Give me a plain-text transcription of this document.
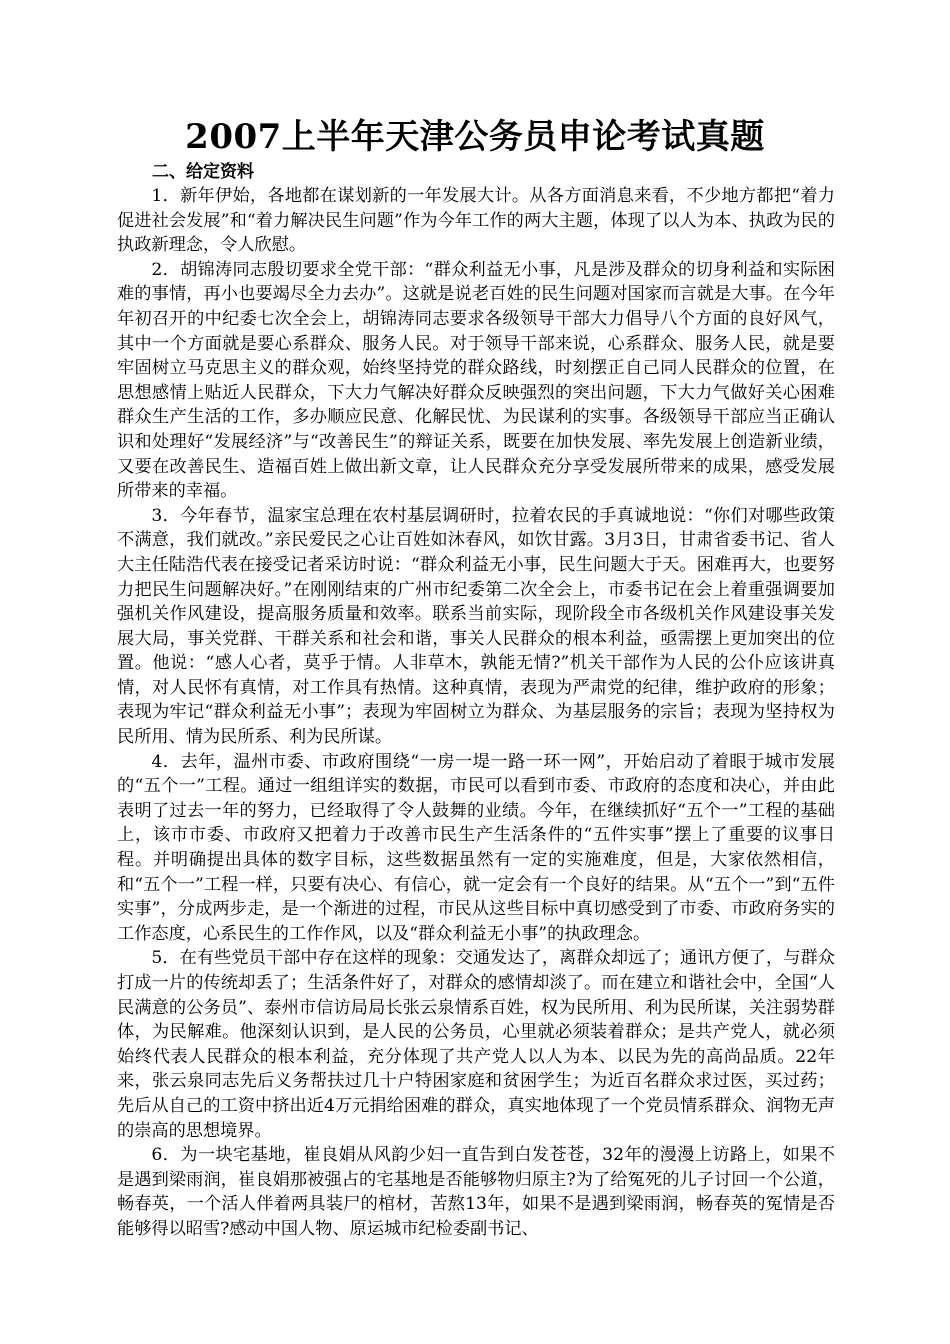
2007上半年天津公务员申论考试真题
二、给定资料

1．新年伊始，各地都在谋划新的一年发展大计。从各方面消息来看，不少地方都把“着力促进社会发展”和“着力解决民生问题”作为今年工作的两大主题，体现了以人为本、执政为民的执政新理念，令人欣慰。

2．胡锦涛同志殷切要求全党干部：“群众利益无小事，凡是涉及群众的切身利益和实际困难的事情，再小也要竭尽全力去办”。这就是说老百姓的民生问题对国家而言就是大事。在今年年初召开的中纪委七次全会上，胡锦涛同志要求各级领导干部大力倡导八个方面的良好风气，其中一个方面就是要心系群众、服务人民。对于领导干部来说，心系群众、服务人民，就是要牢固树立马克思主义的群众观，始终坚持党的群众路线，时刻摆正自己同人民群众的位置，在思想感情上贴近人民群众，下大力气解决好群众反映强烈的突出问题，下大力气做好关心困难群众生产生活的工作，多办顺应民意、化解民忧、为民谋利的实事。各级领导干部应当正确认识和处理好“发展经济”与“改善民生”的辩证关系，既要在加快发展、率先发展上创造新业绩，又要在改善民生、造福百姓上做出新文章，让人民群众充分享受发展所带来的成果，感受发展所带来的幸福。

3．今年春节，温家宝总理在农村基层调研时，拉着农民的手真诚地说：“你们对哪些政策不满意，我们就改。”亲民爱民之心让百姓如沐春风，如饮甘露。3月3日，甘肃省委书记、省人大主任陆浩代表在接受记者采访时说：“群众利益无小事，民生问题大于天。困难再大，也要努力把民生问题解决好。”在刚刚结束的广州市纪委第二次全会上，市委书记在会上着重强调要加强机关作风建设，提高服务质量和效率。联系当前实际，现阶段全市各级机关作风建设事关发展大局，事关党群、干群关系和社会和谐，事关人民群众的根本利益，亟需摆上更加突出的位置。他说：“感人心者，莫乎于情。人非草木，孰能无情?”机关干部作为人民的公仆应该讲真情，对人民怀有真情，对工作具有热情。这种真情，表现为严肃党的纪律，维护政府的形象；表现为牢记“群众利益无小事”；表现为牢固树立为群众、为基层服务的宗旨；表现为坚持权为民所用、情为民所系、利为民所谋。

4．去年，温州市委、市政府围绕“一房一堤一路一环一网”，开始启动了着眼于城市发展的“五个一”工程。通过一组组详实的数据，市民可以看到市委、市政府的态度和决心，并由此表明了过去一年的努力，已经取得了令人鼓舞的业绩。今年，在继续抓好“五个一”工程的基础上，该市市委、市政府又把着力于改善市民生产生活条件的“五件实事”摆上了重要的议事日程。并明确提出具体的数字目标，这些数据虽然有一定的实施难度，但是，大家依然相信，和“五个一”工程一样，只要有决心、有信心，就一定会有一个良好的结果。从“五个一”到“五件实事”，分成两步走，是一个渐进的过程，市民从这些目标中真切感受到了市委、市政府务实的工作态度，心系民生的工作作风，以及“群众利益无小事”的执政理念。

5．在有些党员干部中存在这样的现象：交通发达了，离群众却远了；通讯方便了，与群众打成一片的传统却丢了；生活条件好了，对群众的感情却淡了。而在建立和谐社会中，全国“人民满意的公务员”、泰州市信访局局长张云泉情系百姓，权为民所用、利为民所谋，关注弱势群体，为民解难。他深刻认识到，是人民的公务员，心里就必须装着群众；是共产党人，就必须始终代表人民群众的根本利益，充分体现了共产党人以人为本、以民为先的高尚品质。22年来，张云泉同志先后义务帮扶过几十户特困家庭和贫困学生；为近百名群众求过医，买过药；先后从自己的工资中挤出近4万元捐给困难的群众，真实地体现了一个党员情系群众、润物无声的崇高的思想境界。

6．为一块宅基地，崔良娟从风韵少妇一直告到白发苍苍，32年的漫漫上访路上，如果不是遇到梁雨润，崔良娟那被强占的宅基地是否能够物归原主?为了给冤死的儿子讨回一个公道，畅春英，一个活人伴着两具装尸的棺材，苦熬13年，如果不是遇到梁雨润，畅春英的冤情是否能够得以昭雪?感动中国人物、原运城市纪检委副书记、
